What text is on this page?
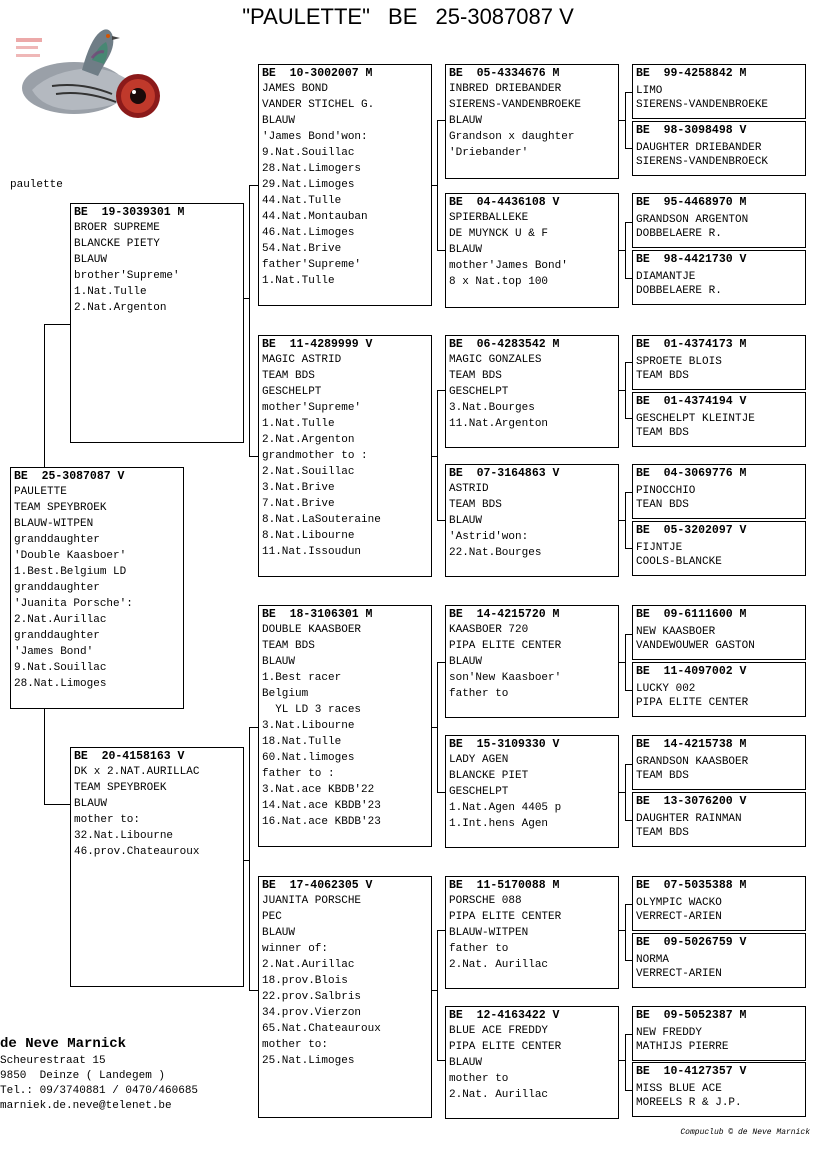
"PAULETTE" BE 25-3087087 V
paulette
BE  25-3087087 V
PAULETTE
TEAM SPEYBROEK
BLAUW-WITPEN
granddaughter
'Double Kaasboer'
1.Best.Belgium LD
granddaughter
'Juanita Porsche':
2.Nat.Aurillac
granddaughter
'James Bond'
9.Nat.Souillac
28.Nat.Limoges
BE  19-3039301 M
BROER SUPREME
BLANCKE PIETY
BLAUW
brother'Supreme'
1.Nat.Tulle
2.Nat.Argenton
BE  20-4158163 V
DK x 2.NAT.AURILLAC
TEAM SPEYBROEK
BLAUW
mother to:
32.Nat.Libourne
46.prov.Chateauroux
BE  10-3002007 M
JAMES BOND
VANDER STICHEL G.
BLAUW
'James Bond'won:
9.Nat.Souillac
28.Nat.Limogers
29.Nat.Limoges
44.Nat.Tulle
44.Nat.Montauban
46.Nat.Limoges
54.Nat.Brive
father'Supreme'
1.Nat.Tulle
BE  11-4289999 V
MAGIC ASTRID
TEAM BDS
GESCHELPT
mother'Supreme'
1.Nat.Tulle
2.Nat.Argenton
grandmother to :
2.Nat.Souillac
3.Nat.Brive
7.Nat.Brive
8.Nat.LaSouteraine
8.Nat.Libourne
11.Nat.Issoudun
BE  18-3106301 M
DOUBLE KAASBOER
TEAM BDS
BLAUW
1.Best racer
Belgium
YL LD 3 races
3.Nat.Libourne
18.Nat.Tulle
60.Nat.limoges
father to :
3.Nat.ace KBDB'22
14.Nat.ace KBDB'23
16.Nat.ace KBDB'23
BE  17-4062305 V
JUANITA PORSCHE
PEC
BLAUW
winner of:
2.Nat.Aurillac
18.prov.Blois
22.prov.Salbris
34.prov.Vierzon
65.Nat.Chateauroux
mother to:
25.Nat.Limoges
BE  05-4334676 M
INBRED DRIEBANDER
SIERENS-VANDENBROEKE
BLAUW
Grandson x daughter
'Driebander'
BE  04-4436108 V
SPIERBALLEKE
DE MUYNCK U & F
BLAUW
mother'James Bond'
8 x Nat.top 100
BE  06-4283542 M
MAGIC GONZALES
TEAM BDS
GESCHELPT
3.Nat.Bourges
11.Nat.Argenton
BE  07-3164863 V
ASTRID
TEAM BDS
BLAUW
'Astrid'won:
22.Nat.Bourges
BE  14-4215720 M
KAASBOER 720
PIPA ELITE CENTER
BLAUW
son'New Kaasboer'
father to
BE  15-3109330 V
LADY AGEN
BLANCKE PIET
GESCHELPT
1.Nat.Agen 4405 p
1.Int.hens Agen
BE  11-5170088 M
PORSCHE 088
PIPA ELITE CENTER
BLAUW-WITPEN
father to
2.Nat. Aurillac
BE  12-4163422 V
BLUE ACE FREDDY
PIPA ELITE CENTER
BLAUW
mother to
2.Nat. Aurillac
BE  99-4258842 M
LIMO
SIERENS-VANDENBROEKE
BE  98-3098498 V
DAUGHTER DRIEBANDER
SIERENS-VANDENBROECK
BE  95-4468970 M
GRANDSON ARGENTON
DOBBELAERE R.
BE  98-4421730 V
DIAMANTJE
DOBBELAERE R.
BE  01-4374173 M
SPROETE BLOIS
TEAM BDS
BE  01-4374194 V
GESCHELPT KLEINTJE
TEAM BDS
BE  04-3069776 M
PINOCCHIO
TEAN BDS
BE  05-3202097 V
FIJNTJE
COOLS-BLANCKE
BE  09-6111600 M
NEW KAASBOER
VANDEWOUWER GASTON
BE  11-4097002 V
LUCKY 002
PIPA ELITE CENTER
BE  14-4215738 M
GRANDSON KAASBOER
TEAM BDS
BE  13-3076200 V
DAUGHTER RAINMAN
TEAM BDS
BE  07-5035388 M
OLYMPIC WACKO
VERRECT-ARIEN
BE  09-5026759 V
NORMA
VERRECT-ARIEN
BE  09-5052387 M
NEW FREDDY
MATHIJS PIERRE
BE  10-4127357 V
MISS BLUE ACE
MOREELS R & J.P.
de Neve Marnick
Scheurestraat 15
9850  Deinze ( Landegem )
Tel.: 09/3740881 / 0470/460685
marniek.de.neve@telenet.be
Compuclub © de Neve Marnick
